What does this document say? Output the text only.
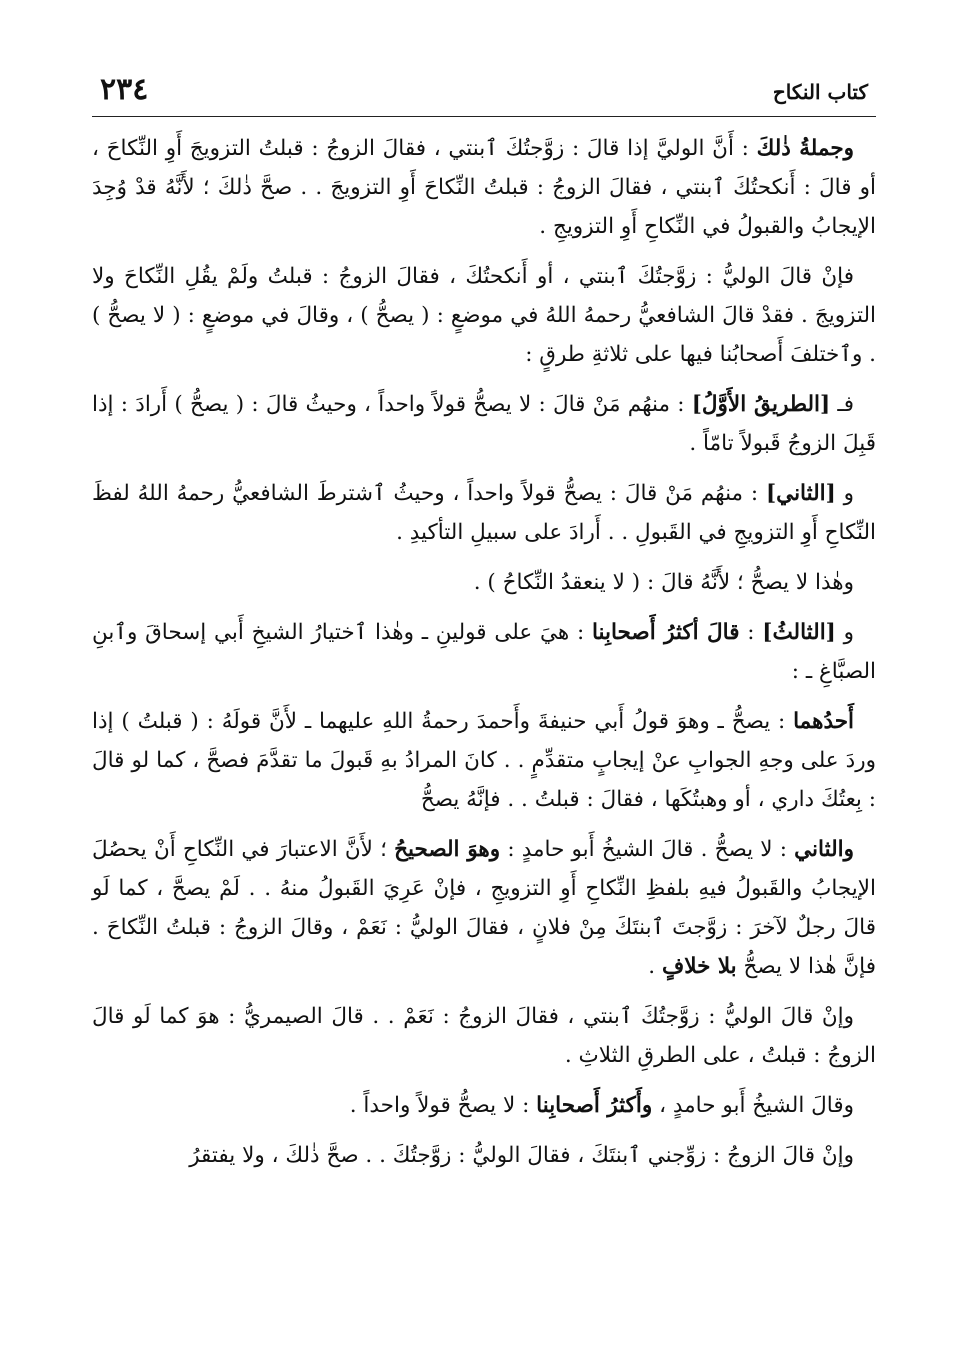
٢٣٤	كتاب النكاح

وجملةُ ذٰلكَ : أَنَّ الوليَّ إذا قالَ : زوَّجتُكَ ٱبنتي ، فقالَ الزوجُ : قبلتُ التزويجَ أَوِ النِّكاحَ ، أو قالَ : أَنكحتُكَ ٱبنتي ، فقالَ الزوجُ : قبلتُ النِّكاحَ أَوِ التزويجَ . . صحَّ ذٰلكَ ؛ لأَنَّهُ قدْ وُجِدَ الإيجابُ والقبولُ في النِّكاحِ أَوِ التزويجِ .

فإنْ قالَ الوليُّ : زوَّجتُكَ ٱبنتي ، أو أَنكحتُكَ ، فقالَ الزوجُ : قبلتُ ولَمْ يقُلِ النِّكاحَ ولا التزويجَ . فقدْ قالَ الشافعيُّ رحمهُ اللهُ في موضعٍ : ( يصحُّ ) ، وقالَ في موضعٍ : ( لا يصحُّ ) . وٱختلفَ أَصحابُنا فيها على ثلاثةِ طرقٍ :

فـ [الطريقُ الأَوَّلُ] : منهُم مَنْ قالَ : لا يصحُّ قولاً واحداً ، وحيثُ قالَ : ( يصحُّ ) أَرادَ : إذا قَبِلَ الزوجُ قَبولاً تامّاً .

و [الثاني] : منهُم مَنْ قالَ : يصحُّ قولاً واحداً ، وحيثُ ٱشترطَ الشافعيُّ رحمهُ اللهُ لفظَ النِّكاحِ أَوِ التزويجِ في القَبولِ . . أَرادَ على سبيلِ التأكيدِ .

وهٰذا لا يصحُّ ؛ لأَنَّهُ قالَ : ( لا ينعقدُ النِّكاحُ ) .

و [الثالثُ] : قالَ أكثرُ أَصحابِنا : هيَ على قولينِ ـ وهٰذا ٱختيارُ الشيخِ أَبي إسحاقَ وٱبنِ الصبَّاغِ ـ :

أَحدُهما : يصحُّ ـ وهوَ قولُ أَبي حنيفةَ وأَحمدَ رحمةُ اللهِ عليهما ـ لأَنَّ قولَهُ : ( قبلتُ ) إذا وردَ على وجهِ الجوابِ عنْ إيجابٍ متقدِّمٍ . . كانَ المرادُ بهِ قَبولَ ما تقدَّمَ فصحَّ ، كما لو قالَ : بِعتُكَ داري ، أو وهبتُكَها ، فقالَ : قبلتُ . . فإنَّهُ يصحُّ

والثاني : لا يصحُّ . قالَ الشيخُ أَبو حامدٍ : وهوَ الصحيحُ ؛ لأَنَّ الاعتبارَ في النِّكاحِ أَنْ يحصُلَ الإيجابُ والقَبولُ فيهِ بلفظِ النِّكاحِ أَوِ التزويجِ ، فإنْ عَرِيَ القَبولُ منهُ . . لَمْ يصحَّ ، كما لَو قالَ رجلٌ لآخرَ : زوَّجتَ ٱبنتَكَ مِنْ فلانٍ ، فقالَ الوليُّ : نَعَمْ ، وقالَ الزوجُ : قبلتُ النِّكاحَ . فإنَّ هٰذا لا يصحُّ بلا خلافٍ .

وإنْ قالَ الوليُّ : زوَّجتُكَ ٱبنتي ، فقالَ الزوجُ : نَعَمْ . . قالَ الصيمريُّ : هوَ كما لَو قالَ الزوجُ : قبلتُ ، على الطرقِ الثلاثِ .

وقالَ الشيخُ أَبو حامدٍ ، وأَكثرُ أَصحابِنا : لا يصحُّ قولاً واحداً .

وإنْ قالَ الزوجُ : زوِّجني ٱبنتَكَ ، فقالَ الوليُّ : زوَّجتُكَ . . صحَّ ذٰلكَ ، ولا يفتقرُ
